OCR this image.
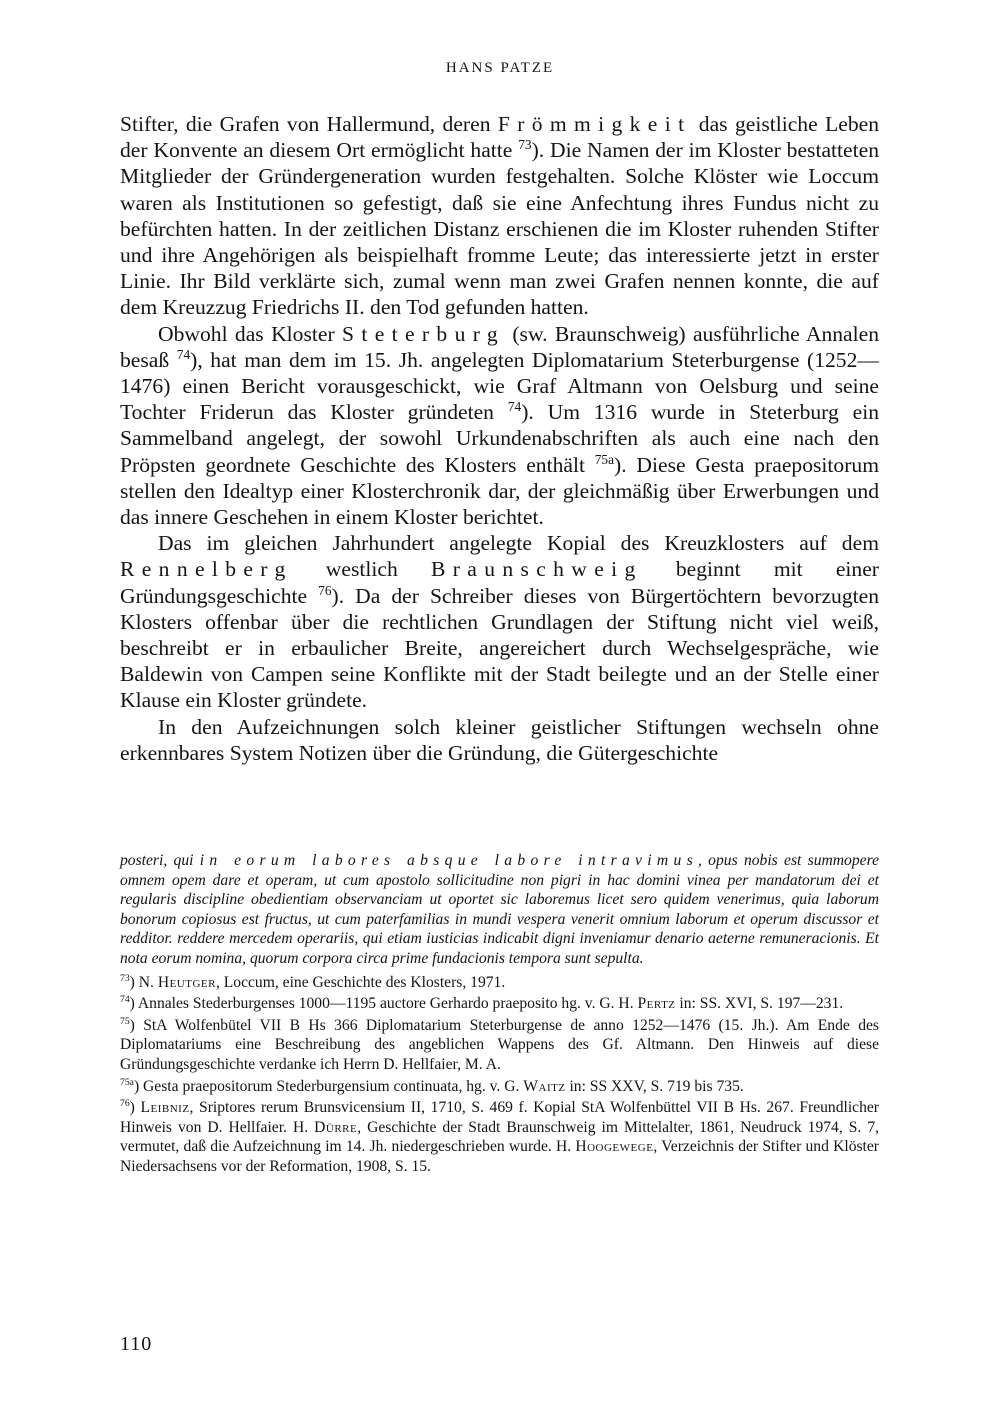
HANS PATZE

Stifter, die Grafen von Hallermund, deren Frömmigkeit das geistliche Leben der Konvente an diesem Ort ermöglicht hatte $^{73}$). Die Namen der im Kloster bestatteten Mitglieder der Gründergeneration wurden festgehalten. Solche Klöster wie Loccum waren als Institutionen so gefestigt, daß sie eine Anfechtung ihres Fundus nicht zu befürchten hatten. In der zeitlichen Distanz erschienen die im Kloster ruhenden Stifter und ihre Angehörigen als beispielhaft fromme Leute; das interessierte jetzt in erster Linie. Ihr Bild verklärte sich, zumal wenn man zwei Grafen nennen konnte, die auf dem Kreuzzug Friedrichs II. den Tod gefunden hatten.

Obwohl das Kloster Steterburg (sw. Braunschweig) ausführliche Annalen besaß $^{74}$), hat man dem im 15. Jh. angelegten Diplomatarium Steterburgense (1252—1476) einen Bericht vorausgeschickt, wie Graf Altmann von Oelsburg und seine Tochter Friderun das Kloster gründeten $^{74}$). Um 1316 wurde in Steterburg ein Sammelband angelegt, der sowohl Urkundenabschriften als auch eine nach den Pröpsten geordnete Geschichte des Klosters enthält $^{75a}$). Diese Gesta praepositorum stellen den Idealtyp einer Klosterchronik dar, der gleichmäßig über Erwerbungen und das innere Geschehen in einem Kloster berichtet.

Das im gleichen Jahrhundert angelegte Kopial des Kreuzklosters auf dem Rennelberg westlich Braunschweig beginnt mit einer Gründungsgeschichte $^{76}$). Da der Schreiber dieses von Bürgertöchtern bevorzugten Klosters offenbar über die rechtlichen Grundlagen der Stiftung nicht viel weiß, beschreibt er in erbaulicher Breite, angereichert durch Wechselgespräche, wie Baldewin von Campen seine Konflikte mit der Stadt beilegte und an der Stelle einer Klause ein Kloster gründete.

In den Aufzeichnungen solch kleiner geistlicher Stiftungen wechseln ohne erkennbares System Notizen über die Gründung, die Gütergeschichte

posteri, qui in eorum labores absque labore intravimus, opus nobis est summopere omnem opem dare et operam, ut cum apostolo sollicitudine non pigri in hac domini vinea per mandatorum dei et regularis discipline obedientiam observanciam ut oportet sic laboremus licet sero quidem venerimus, quia laborum bonorum copiosus est fructus, ut cum paterfamilias in mundi vespera venerit omnium laborum et operum discussor et redditor. reddere mercedem operariis, qui etiam iusticias indicabit digni inveniamur denario aeterne remuneracionis. Et nota eorum nomina, quorum corpora circa prime fundacionis tempora sunt sepulta.

$^{73}$) N. Heutger, Loccum, eine Geschichte des Klosters, 1971.

$^{74}$) Annales Stederburgenses 1000—1195 auctore Gerhardo praeposito hg. v. G. H. Pertz in: SS. XVI, S. 197—231.

$^{75}$) StA Wolfenbütel VII B Hs 366 Diplomatarium Steterburgense de anno 1252—1476 (15. Jh.). Am Ende des Diplomatariums eine Beschreibung des angeblichen Wappens des Gf. Altmann. Den Hinweis auf diese Gründungsgeschichte verdanke ich Herrn D. Hellfaier, M. A.

$^{75a}$) Gesta praepositorum Stederburgensium continuata, hg. v. G. Waitz in: SS XXV, S. 719 bis 735.

$^{76}$) Leibniz, Sriptores rerum Brunsvicensium II, 1710, S. 469 f. Kopial StA Wolfenbüttel VII B Hs. 267. Freundlicher Hinweis von D. Hellfaier. H. Dürre, Geschichte der Stadt Braunschweig im Mittelalter, 1861, Neudruck 1974, S. 7, vermutet, daß die Aufzeichnung im 14. Jh. niedergeschrieben wurde. H. Hoogewege, Verzeichnis der Stifter und Klöster Niedersachsens vor der Reformation, 1908, S. 15.

110
